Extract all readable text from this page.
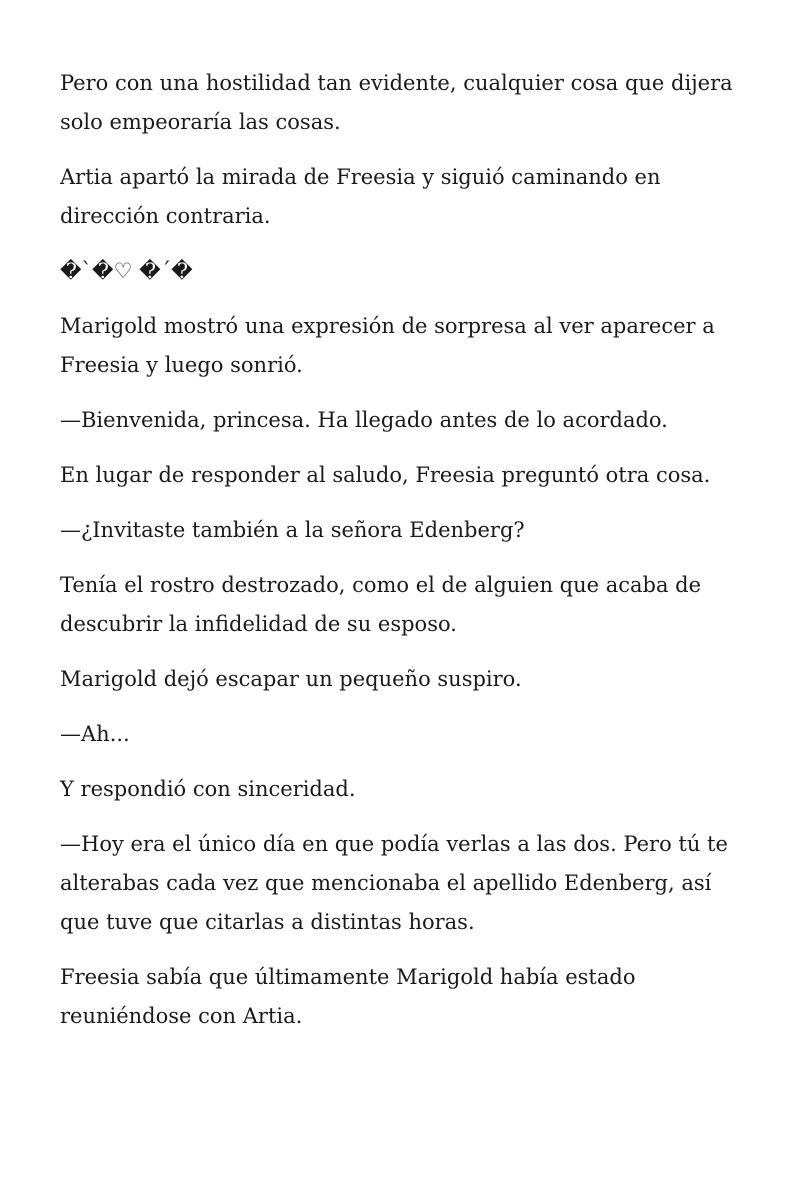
Pero con una hostilidad tan evidente, cualquier cosa que dijera solo empeoraría las cosas.

Artia apartó la mirada de Freesia y siguió caminando en dirección contraria.

�`�♡ �´�

Marigold mostró una expresión de sorpresa al ver aparecer a Freesia y luego sonrió.

—Bienvenida, princesa. Ha llegado antes de lo acordado.

En lugar de responder al saludo, Freesia preguntó otra cosa.

—¿Invitaste también a la señora Edenberg?

Tenía el rostro destrozado, como el de alguien que acaba de descubrir la infidelidad de su esposo.

Marigold dejó escapar un pequeño suspiro.

—Ah...

Y respondió con sinceridad.

—Hoy era el único día en que podía verlas a las dos. Pero tú te alterabas cada vez que mencionaba el apellido Edenberg, así que tuve que citarlas a distintas horas.

Freesia sabía que últimamente Marigold había estado reuniéndose con Artia.
